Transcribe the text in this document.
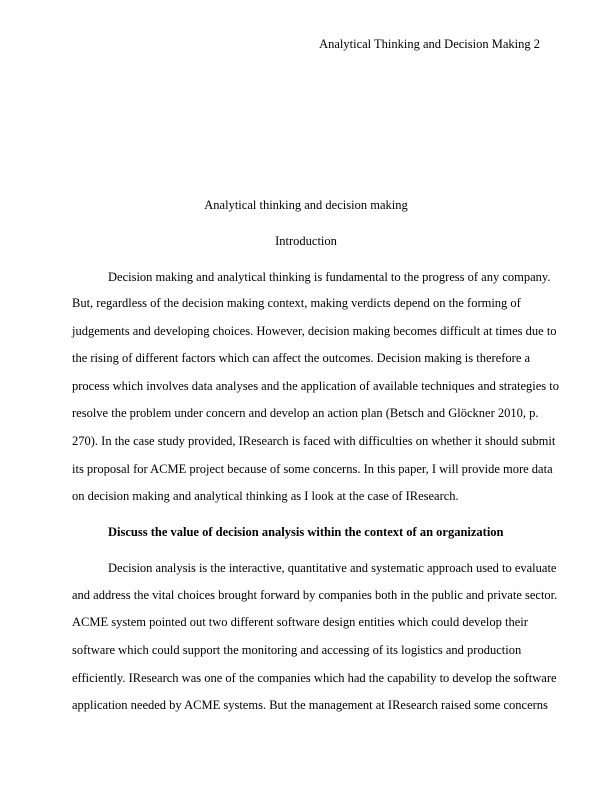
Analytical Thinking and Decision Making 2
Analytical thinking and decision making
Introduction
Decision making and analytical thinking is fundamental to the progress of any company.
But, regardless of the decision making context, making verdicts depend on the forming of
judgements and developing choices. However, decision making becomes difficult at times due to
the rising of different factors which can affect the outcomes. Decision making is therefore a
process which involves data analyses and the application of available techniques and strategies to
resolve the problem under concern and develop an action plan (Betsch and Glöckner 2010, p.
270). In the case study provided, IResearch is faced with difficulties on whether it should submit
its proposal for ACME project because of some concerns. In this paper, I will provide more data
on decision making and analytical thinking as I look at the case of IResearch.
Discuss the value of decision analysis within the context of an organization
Decision analysis is the interactive, quantitative and systematic approach used to evaluate
and address the vital choices brought forward by companies both in the public and private sector.
ACME system pointed out two different software design entities which could develop their
software which could support the monitoring and accessing of its logistics and production
efficiently. IResearch was one of the companies which had the capability to develop the software
application needed by ACME systems. But the management at IResearch raised some concerns
